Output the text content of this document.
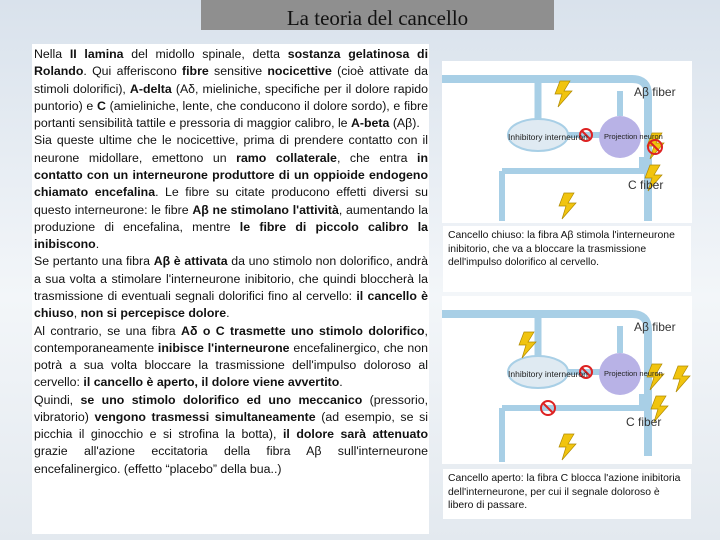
La teoria del cancello
Nella II lamina del midollo spinale, detta sostanza gelatinosa di Rolando. Qui afferiscono fibre sensitive nocicettive (cioè attivate da stimoli dolorifici), A-delta (Aδ, mieliniche, specifiche per il dolore rapido puntorio) e C (amieliniche, lente, che conducono il dolore sordo), e fibre portanti sensibilità tattile e pressoria di maggior calibro, le A-beta (Aβ).
Sia queste ultime che le nocicettive, prima di prendere contatto con il neurone midollare, emettono un ramo collaterale, che entra in contatto con un interneurone produttore di un oppioide endogeno chiamato encefalina. Le fibre su citate producono effetti diversi su questo interneurone: le fibre Aβ ne stimolano l'attività, aumentando la produzione di encefalina, mentre le fibre di piccolo calibro la inibiscono.
Se pertanto una fibra Aβ è attivata da uno stimolo non dolorifico, andrà a sua volta a stimolare l'interneurone inibitorio, che quindi bloccherà la trasmissione di eventuali segnali dolorifici fino al cervello: il cancello è chiuso, non si percepisce dolore.
Al contrario, se una fibra Aδ o C trasmette uno stimolo dolorifico, contemporaneamente inibisce l'interneurone encefalinergico, che non potrà a sua volta bloccare la trasmissione dell'impulso doloroso al cervello: il cancello è aperto, il dolore viene avvertito.
Quindi, se uno stimolo dolorifico ed uno meccanico (pressorio, vibratorio) vengono trasmessi simultaneamente (ad esempio, se si picchia il ginocchio e si strofina la botta), il dolore sarà attenuato grazie all'azione eccitatoria della fibra Aβ sull'interneurone encefalinergico. (effetto “placebo” della bua..)
Inhibitory interneuron Projection neuron
Aβ fiber
C fiber
Cancello chiuso: la fibra Aβ stimola l'interneurone inibitorio, che va a bloccare la trasmissione dell'impulso dolorifico al cervello.
Inhibitory interneuron Projection neuron
Aβ fiber
C fiber
Cancello aperto: la fibra C blocca l'azione inibitoria dell'interneurone, per cui il segnale doloroso è libero di passare.
